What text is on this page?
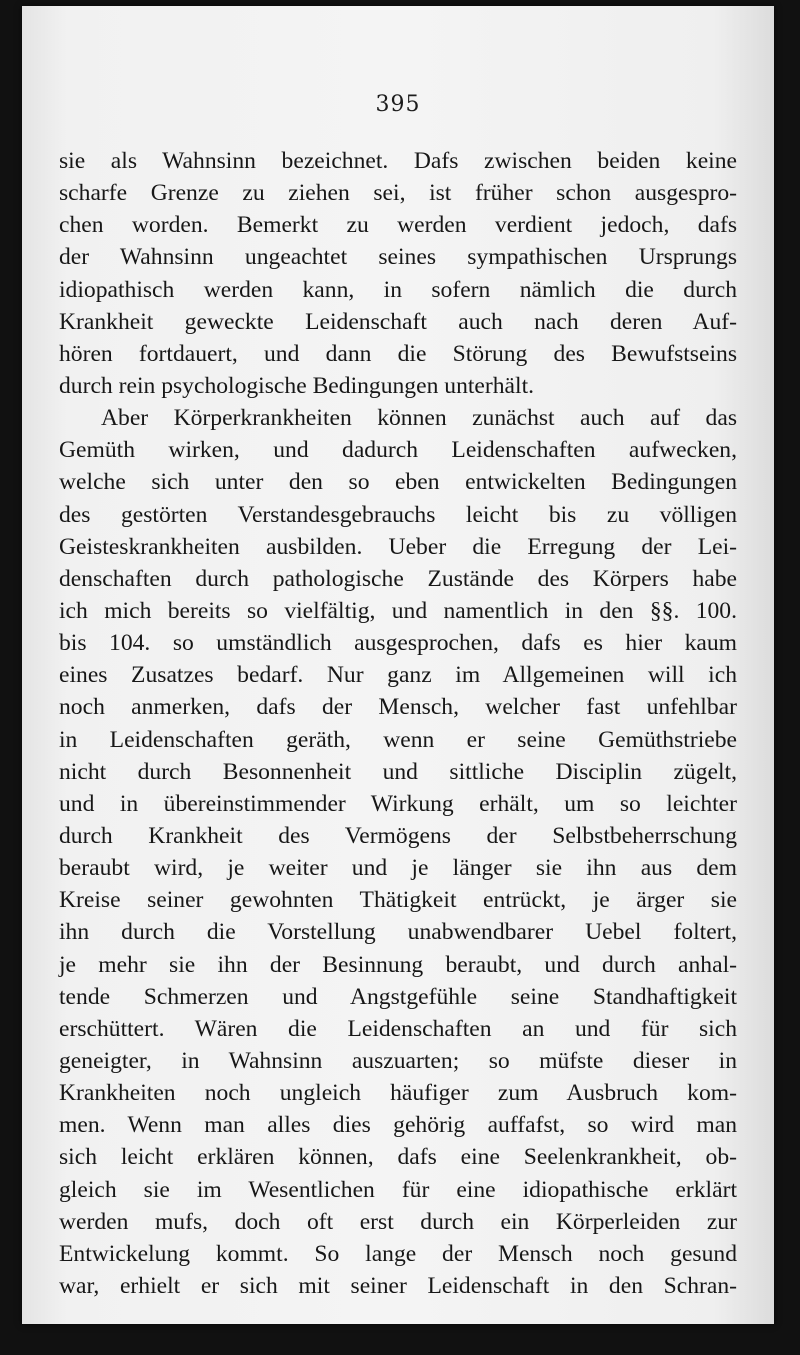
395
sie als Wahnsinn bezeichnet. Dafs zwischen beiden keine
scharfe Grenze zu ziehen sei, ist früher schon ausgespro-
chen worden. Bemerkt zu werden verdient jedoch, dafs
der Wahnsinn ungeachtet seines sympathischen Ursprungs
idiopathisch werden kann, in sofern nämlich die durch
Krankheit geweckte Leidenschaft auch nach deren Auf-
hören fortdauert, und dann die Störung des Bewufstseins
durch rein psychologische Bedingungen unterhält.
Aber Körperkrankheiten können zunächst auch auf das
Gemüth wirken, und dadurch Leidenschaften aufwecken,
welche sich unter den so eben entwickelten Bedingungen
des gestörten Verstandesgebrauchs leicht bis zu völligen
Geisteskrankheiten ausbilden. Ueber die Erregung der Lei-
denschaften durch pathologische Zustände des Körpers habe
ich mich bereits so vielfältig, und namentlich in den §§. 100.
bis 104. so umständlich ausgesprochen, dafs es hier kaum
eines Zusatzes bedarf. Nur ganz im Allgemeinen will ich
noch anmerken, dafs der Mensch, welcher fast unfehlbar
in Leidenschaften geräth, wenn er seine Gemüthstriebe
nicht durch Besonnenheit und sittliche Disciplin zügelt,
und in übereinstimmender Wirkung erhält, um so leichter
durch Krankheit des Vermögens der Selbstbeherrschung
beraubt wird, je weiter und je länger sie ihn aus dem
Kreise seiner gewohnten Thätigkeit entrückt, je ärger sie
ihn durch die Vorstellung unabwendbarer Uebel foltert,
je mehr sie ihn der Besinnung beraubt, und durch anhal-
tende Schmerzen und Angstgefühle seine Standhaftigkeit
erschüttert. Wären die Leidenschaften an und für sich
geneigter, in Wahnsinn auszuarten; so müfste dieser in
Krankheiten noch ungleich häufiger zum Ausbruch kom-
men. Wenn man alles dies gehörig auffafst, so wird man
sich leicht erklären können, dafs eine Seelenkrankheit, ob-
gleich sie im Wesentlichen für eine idiopathische erklärt
werden mufs, doch oft erst durch ein Körperleiden zur
Entwickelung kommt. So lange der Mensch noch gesund
war, erhielt er sich mit seiner Leidenschaft in den Schran-
